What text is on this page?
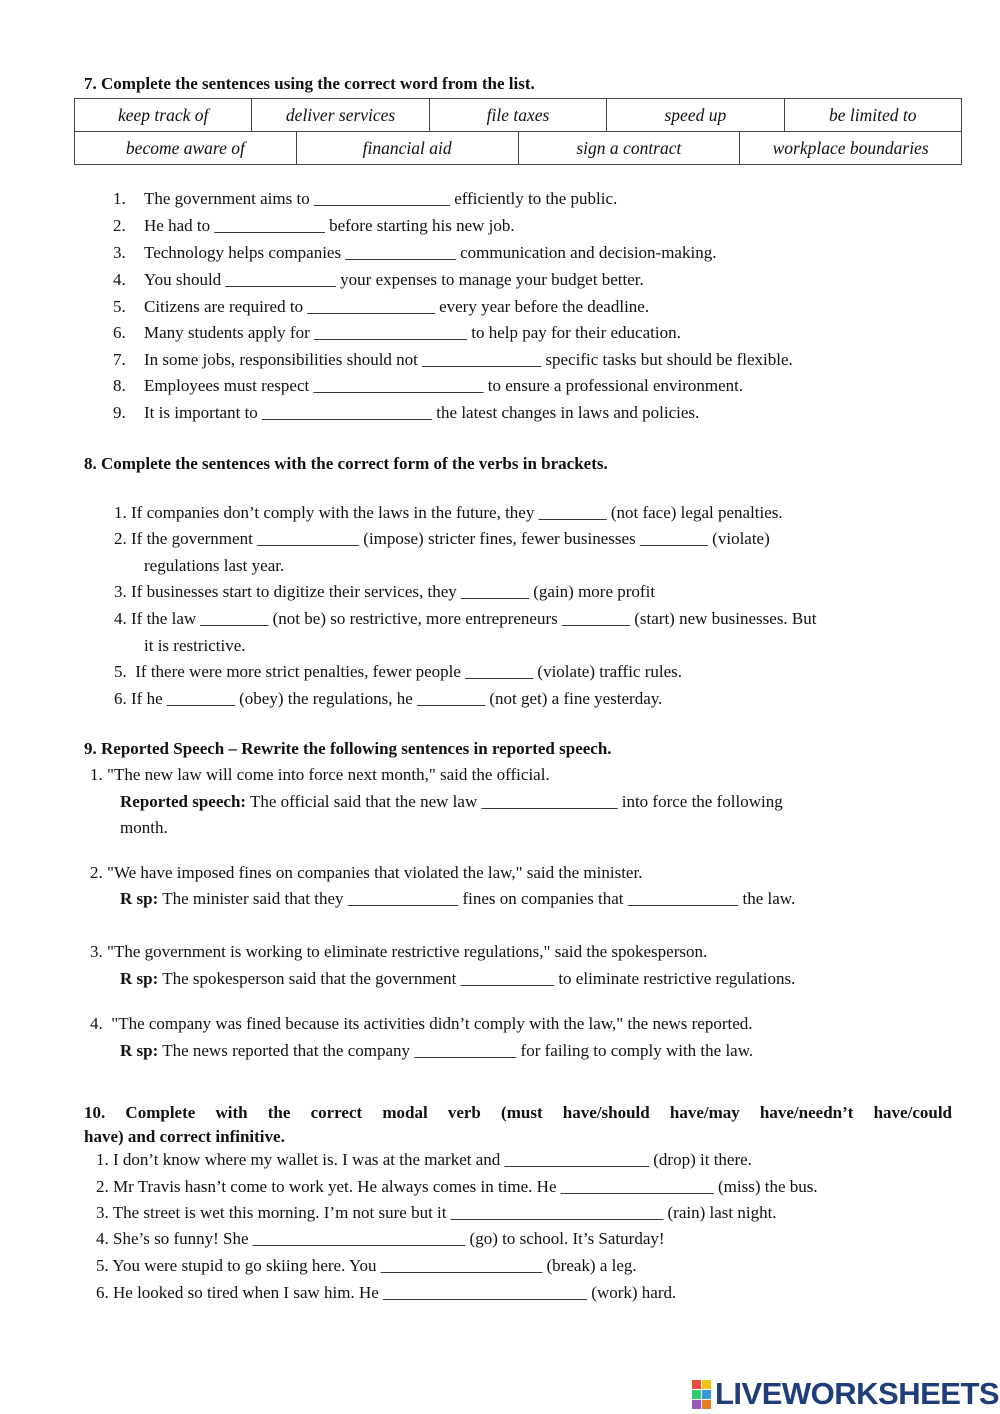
7. Complete the sentences using the correct word from the list.
keep track of	deliver services	file taxes	speed up	be limited to
become aware of	financial aid	sign a contract	workplace boundaries
1. The government aims to ________________ efficiently to the public.
2. He had to _____________ before starting his new job.
3. Technology helps companies _____________ communication and decision-making.
4. You should _____________ your expenses to manage your budget better.
5. Citizens are required to _______________ every year before the deadline.
6. Many students apply for __________________ to help pay for their education.
7. In some jobs, responsibilities should not ______________ specific tasks but should be flexible.
8. Employees must respect ____________________ to ensure a professional environment.
9. It is important to ____________________ the latest changes in laws and policies.
8. Complete the sentences with the correct form of the verbs in brackets.
1. If companies don’t comply with the laws in the future, they ________ (not face) legal penalties.
2. If the government ____________ (impose) stricter fines, fewer businesses ________ (violate)
regulations last year.
3. If businesses start to digitize their services, they ________ (gain) more profit
4. If the law ________ (not be) so restrictive, more entrepreneurs ________ (start) new businesses. But
it is restrictive.
5. If there were more strict penalties, fewer people ________ (violate) traffic rules.
6. If he ________ (obey) the regulations, he ________ (not get) a fine yesterday.
9. Reported Speech – Rewrite the following sentences in reported speech.
1. "The new law will come into force next month," said the official.
Reported speech: The official said that the new law ________________ into force the following
month.
2. "We have imposed fines on companies that violated the law," said the minister.
R sp: The minister said that they _____________ fines on companies that _____________ the law.
3. "The government is working to eliminate restrictive regulations," said the spokesperson.
R sp: The spokesperson said that the government ___________ to eliminate restrictive regulations.
4.  "The company was fined because its activities didn’t comply with the law," the news reported.
R sp: The news reported that the company ____________ for failing to comply with the law.
10. Complete with the correct modal verb (must have/should have/may have/needn’t have/could
have) and correct infinitive.
1. I don’t know where my wallet is. I was at the market and _________________ (drop) it there.
2. Mr Travis hasn’t come to work yet. He always comes in time. He __________________ (miss) the bus.
3. The street is wet this morning. I’m not sure but it _________________________ (rain) last night.
4. She’s so funny! She _________________________ (go) to school. It’s Saturday!
5. You were stupid to go skiing here. You ___________________ (break) a leg.
6. He looked so tired when I saw him. He ________________________ (work) hard.
LIVEWORKSHEETS
